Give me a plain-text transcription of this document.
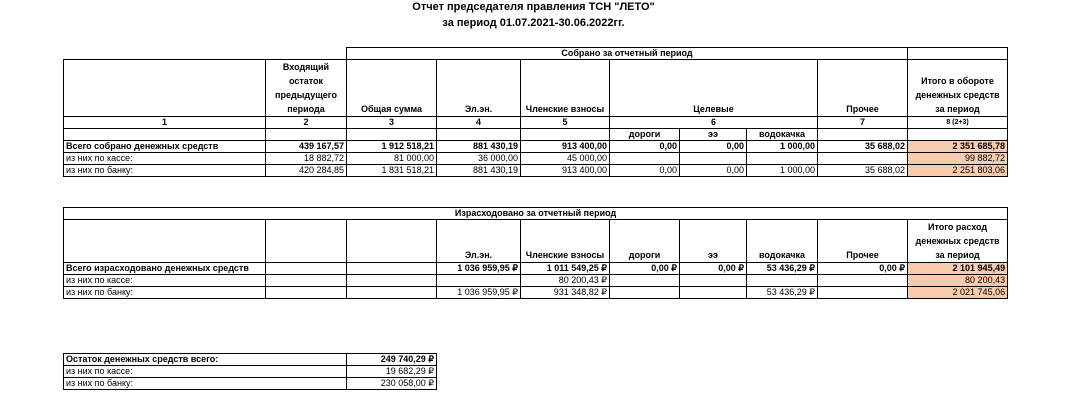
Отчет председателя правления ТСН "ЛЕТО"
за период 01.07.2021-30.06.2022гг.
		Собрано за отчетный период							
	Входящий остаток предыдущего периода	Общая сумма	Эл.эн.	Членские взносы	Целевые			Прочее	Итого в обороте денежных средств за период
1	2	3	4	5	6			7	8 (2+3)
					дороги	ээ	водокачка		
Всего собрано денежных средств	439 167,57	1 912 518,21	881 430,19	913 400,00	0,00	0,00	1 000,00	35 688,02	2 351 685,78
из них по кассе:	18 882,72	81 000,00	36 000,00	45 000,00					99 882,72
из них по банку:	420 284,85	1 831 518,21	881 430,19	913 400,00	0,00	0,00	1 000,00	35 688,02	2 251 803,06
Израсходовано за отчетный период									
			Эл.эн.	Членские взносы	дороги	ээ	водокачка	Прочее	Итого расход денежных средств за период
Всего израсходовано денежных средств			1 036 959,95 ₽	1 011 549,25 ₽	0,00 ₽	0,00 ₽	53 436,29 ₽	0,00 ₽	2 101 945,49
из них по кассе:				80 200,43 ₽					80 200,43
из них по банку:			1 036 959,95 ₽	931 348,82 ₽			53 436,29 ₽		2 021 745,06
Остаток денежных средств всего:	249 740,29 ₽
из них по кассе:	19 682,29 ₽
из них по банку:	230 058,00 ₽
